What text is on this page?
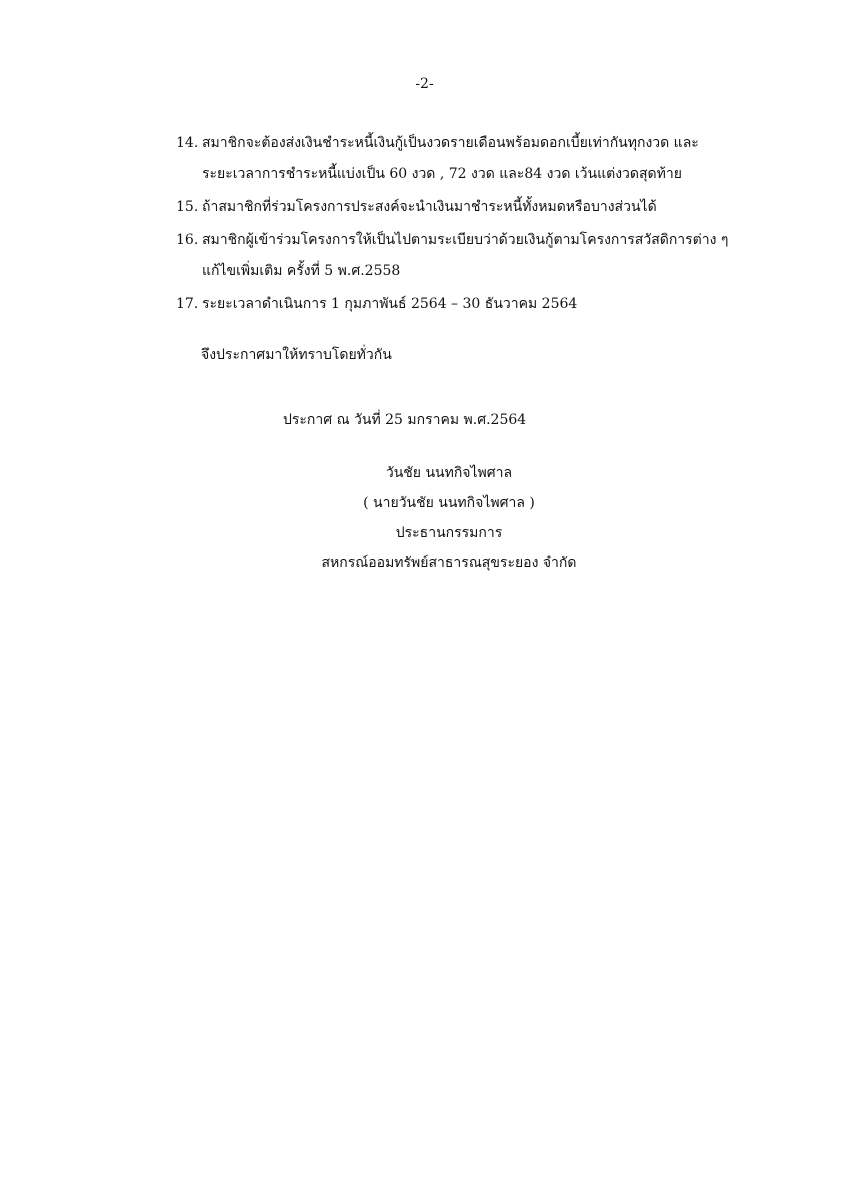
-2-
14. สมาชิกจะต้องส่งเงินชำระหนี้เงินกู้เป็นงวดรายเดือนพร้อมดอกเบี้ยเท่ากันทุกงวด และ
ระยะเวลาการชำระหนี้แบ่งเป็น 60 งวด , 72 งวด และ84 งวด เว้นแต่งวดสุดท้าย
15. ถ้าสมาชิกที่ร่วมโครงการประสงค์จะนำเงินมาชำระหนี้ทั้งหมดหรือบางส่วนได้
16. สมาชิกผู้เข้าร่วมโครงการให้เป็นไปตามระเบียบว่าด้วยเงินกู้ตามโครงการสวัสดิการต่าง ๆ
แก้ไขเพิ่มเติม ครั้งที่ 5 พ.ศ.2558
17. ระยะเวลาดำเนินการ 1 กุมภาพันธ์ 2564 – 30 ธันวาคม 2564
จึงประกาศมาให้ทราบโดยทั่วกัน
ประกาศ ณ วันที่ 25 มกราคม พ.ศ.2564
วันชัย นนทกิจไพศาล
( นายวันชัย นนทกิจไพศาล )
ประธานกรรมการ
สหกรณ์ออมทรัพย์สาธารณสุขระยอง จำกัด
